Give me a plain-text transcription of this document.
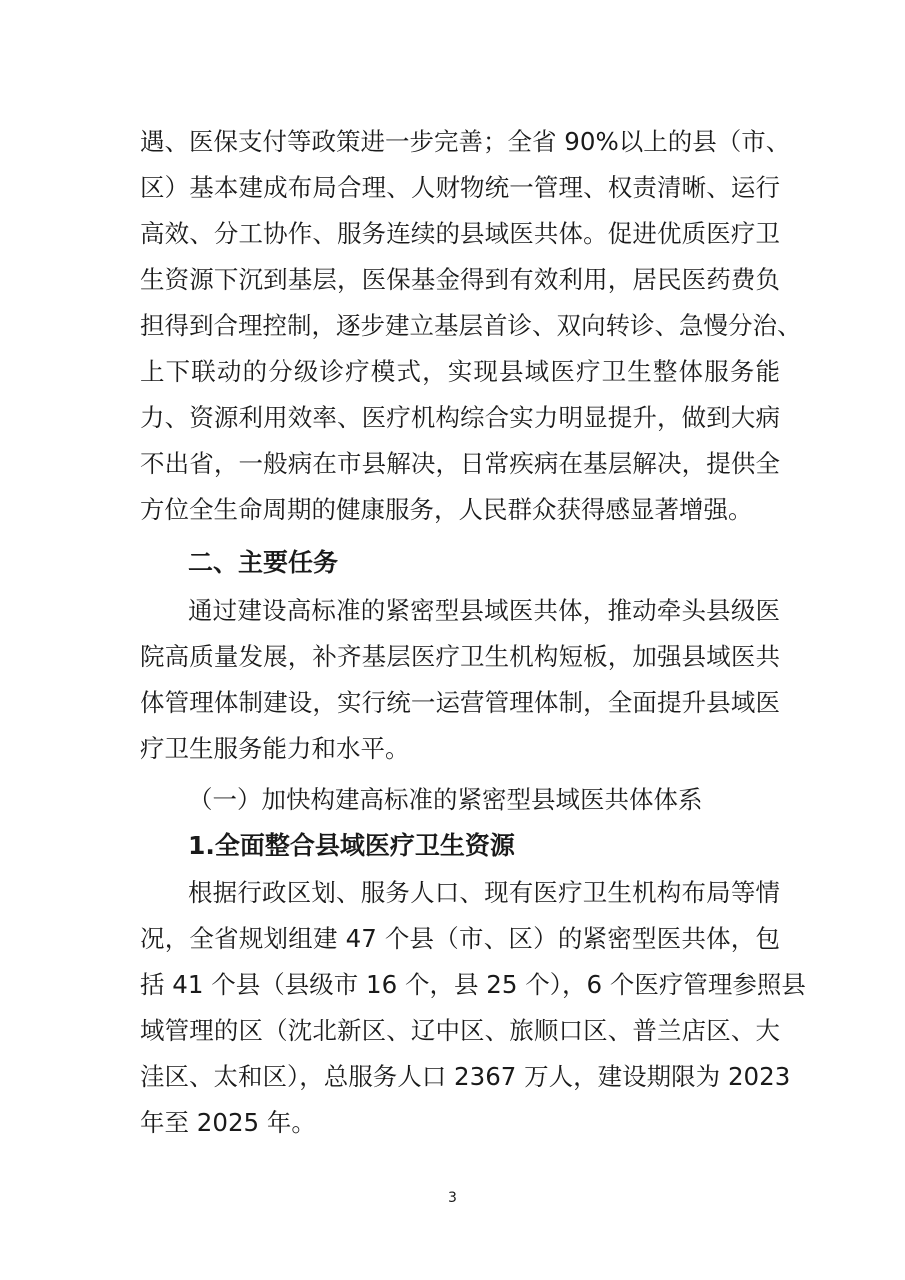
遇、医保支付等政策进一步完善；全省 90%以上的县（市、
区）基本建成布局合理、人财物统一管理、权责清晰、运行
高效、分工协作、服务连续的县域医共体。促进优质医疗卫
生资源下沉到基层，医保基金得到有效利用，居民医药费负
担得到合理控制，逐步建立基层首诊、双向转诊、急慢分治、
上下联动的分级诊疗模式，实现县域医疗卫生整体服务能
力、资源利用效率、医疗机构综合实力明显提升，做到大病
不出省，一般病在市县解决，日常疾病在基层解决，提供全
方位全生命周期的健康服务，人民群众获得感显著增强。
二、主要任务
通过建设高标准的紧密型县域医共体，推动牵头县级医
院高质量发展，补齐基层医疗卫生机构短板，加强县域医共
体管理体制建设，实行统一运营管理体制，全面提升县域医
疗卫生服务能力和水平。
（一）加快构建高标准的紧密型县域医共体体系
1.全面整合县域医疗卫生资源
根据行政区划、服务人口、现有医疗卫生机构布局等情
况，全省规划组建 47 个县（市、区）的紧密型医共体，包
括 41 个县（县级市 16 个，县 25 个），6 个医疗管理参照县
域管理的区（沈北新区、辽中区、旅顺口区、普兰店区、大
洼区、太和区），总服务人口 2367 万人，建设期限为 2023
年至 2025 年。
3
